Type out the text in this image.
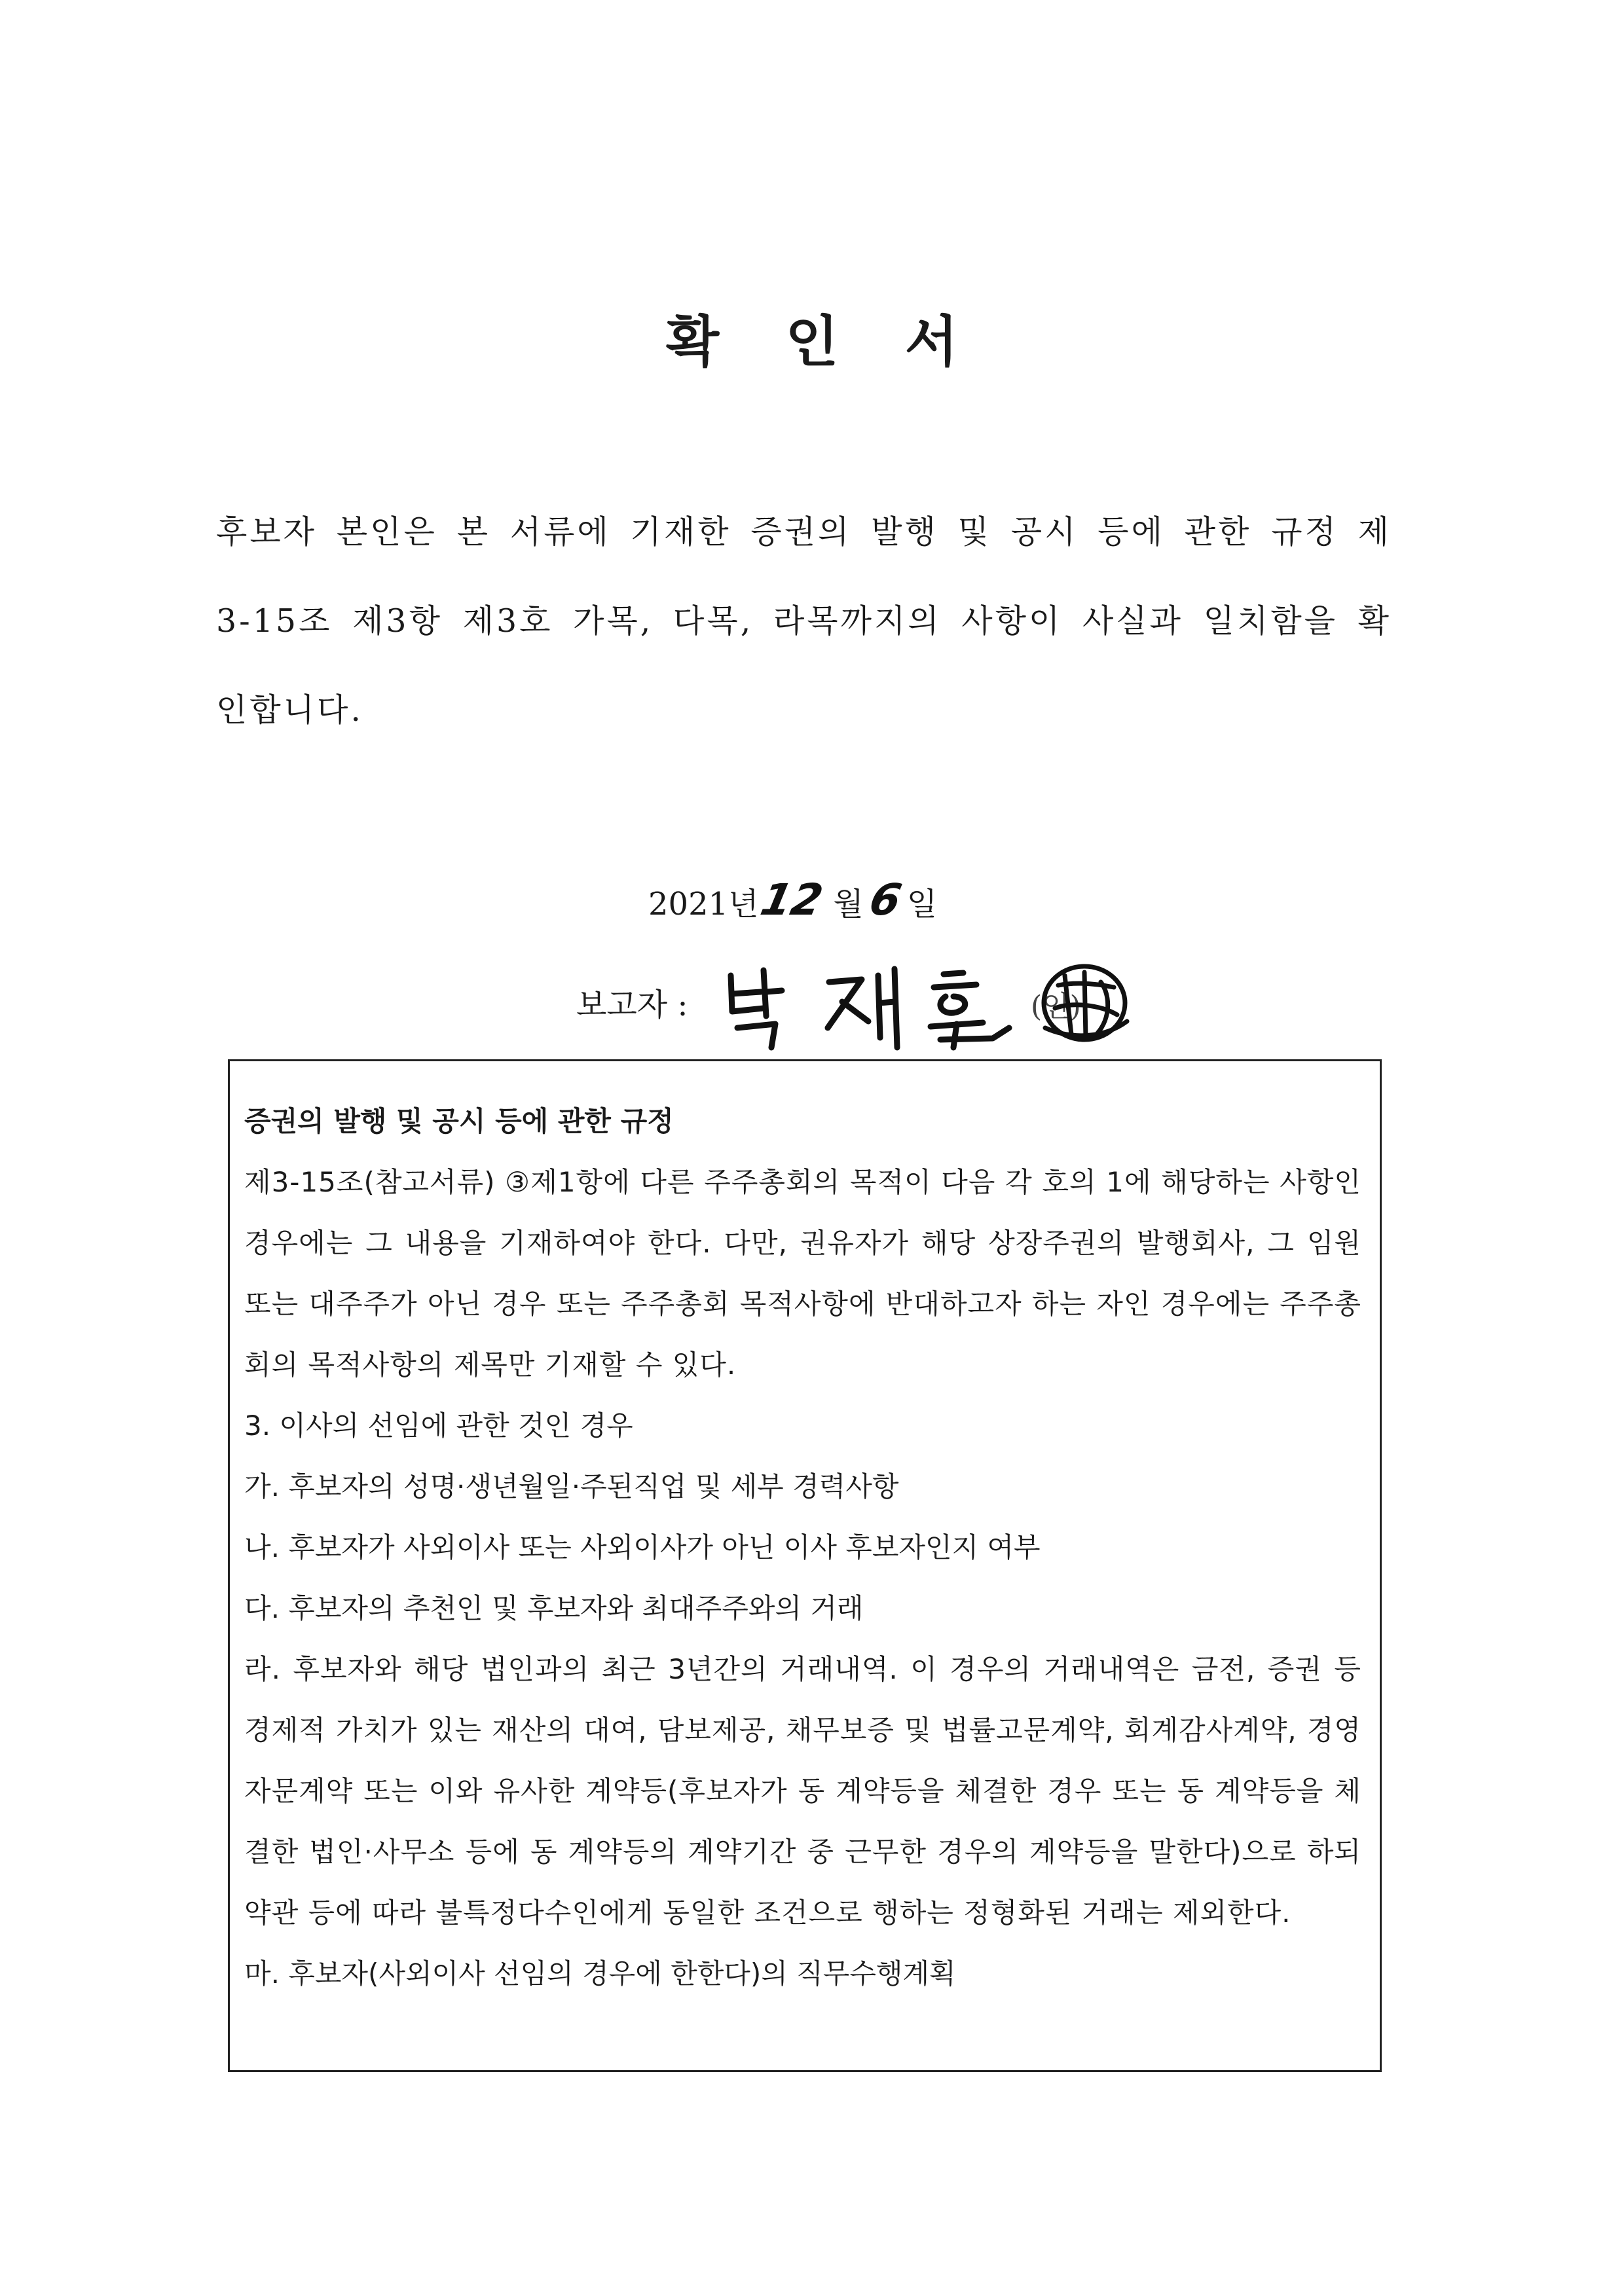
확 인 서

후보자 본인은 본 서류에 기재한 증권의 발행 및 공시 등에 관한 규정 제3-15조 제3항 제3호 가목, 다목, 라목까지의 사항이 사실과 일치함을 확인합니다.

2021년12 월6일
보고자 :	(인)

증권의 발행 및 공시 등에 관한 규정

제3-15조(참고서류) ③제1항에 다른 주주총회의 목적이 다음 각 호의 1에 해당하는 사항인 경우에는 그 내용을 기재하여야 한다. 다만, 권유자가 해당 상장주권의 발행회사, 그 임원 또는 대주주가 아닌 경우 또는 주주총회 목적사항에 반대하고자 하는 자인 경우에는 주주총회의 목적사항의 제목만 기재할 수 있다.

3. 이사의 선임에 관한 것인 경우

가. 후보자의 성명·생년월일·주된직업 및 세부 경력사항

나. 후보자가 사외이사 또는 사외이사가 아닌 이사 후보자인지 여부

다. 후보자의 추천인 및 후보자와 최대주주와의 거래

라. 후보자와 해당 법인과의 최근 3년간의 거래내역. 이 경우의 거래내역은 금전, 증권 등 경제적 가치가 있는 재산의 대여, 담보제공, 채무보증 및 법률고문계약, 회계감사계약, 경영자문계약 또는 이와 유사한 계약등(후보자가 동 계약등을 체결한 경우 또는 동 계약등을 체결한 법인·사무소 등에 동 계약등의 계약기간 중 근무한 경우의 계약등을 말한다)으로 하되 약관 등에 따라 불특정다수인에게 동일한 조건으로 행하는 정형화된 거래는 제외한다.

마. 후보자(사외이사 선임의 경우에 한한다)의 직무수행계획
